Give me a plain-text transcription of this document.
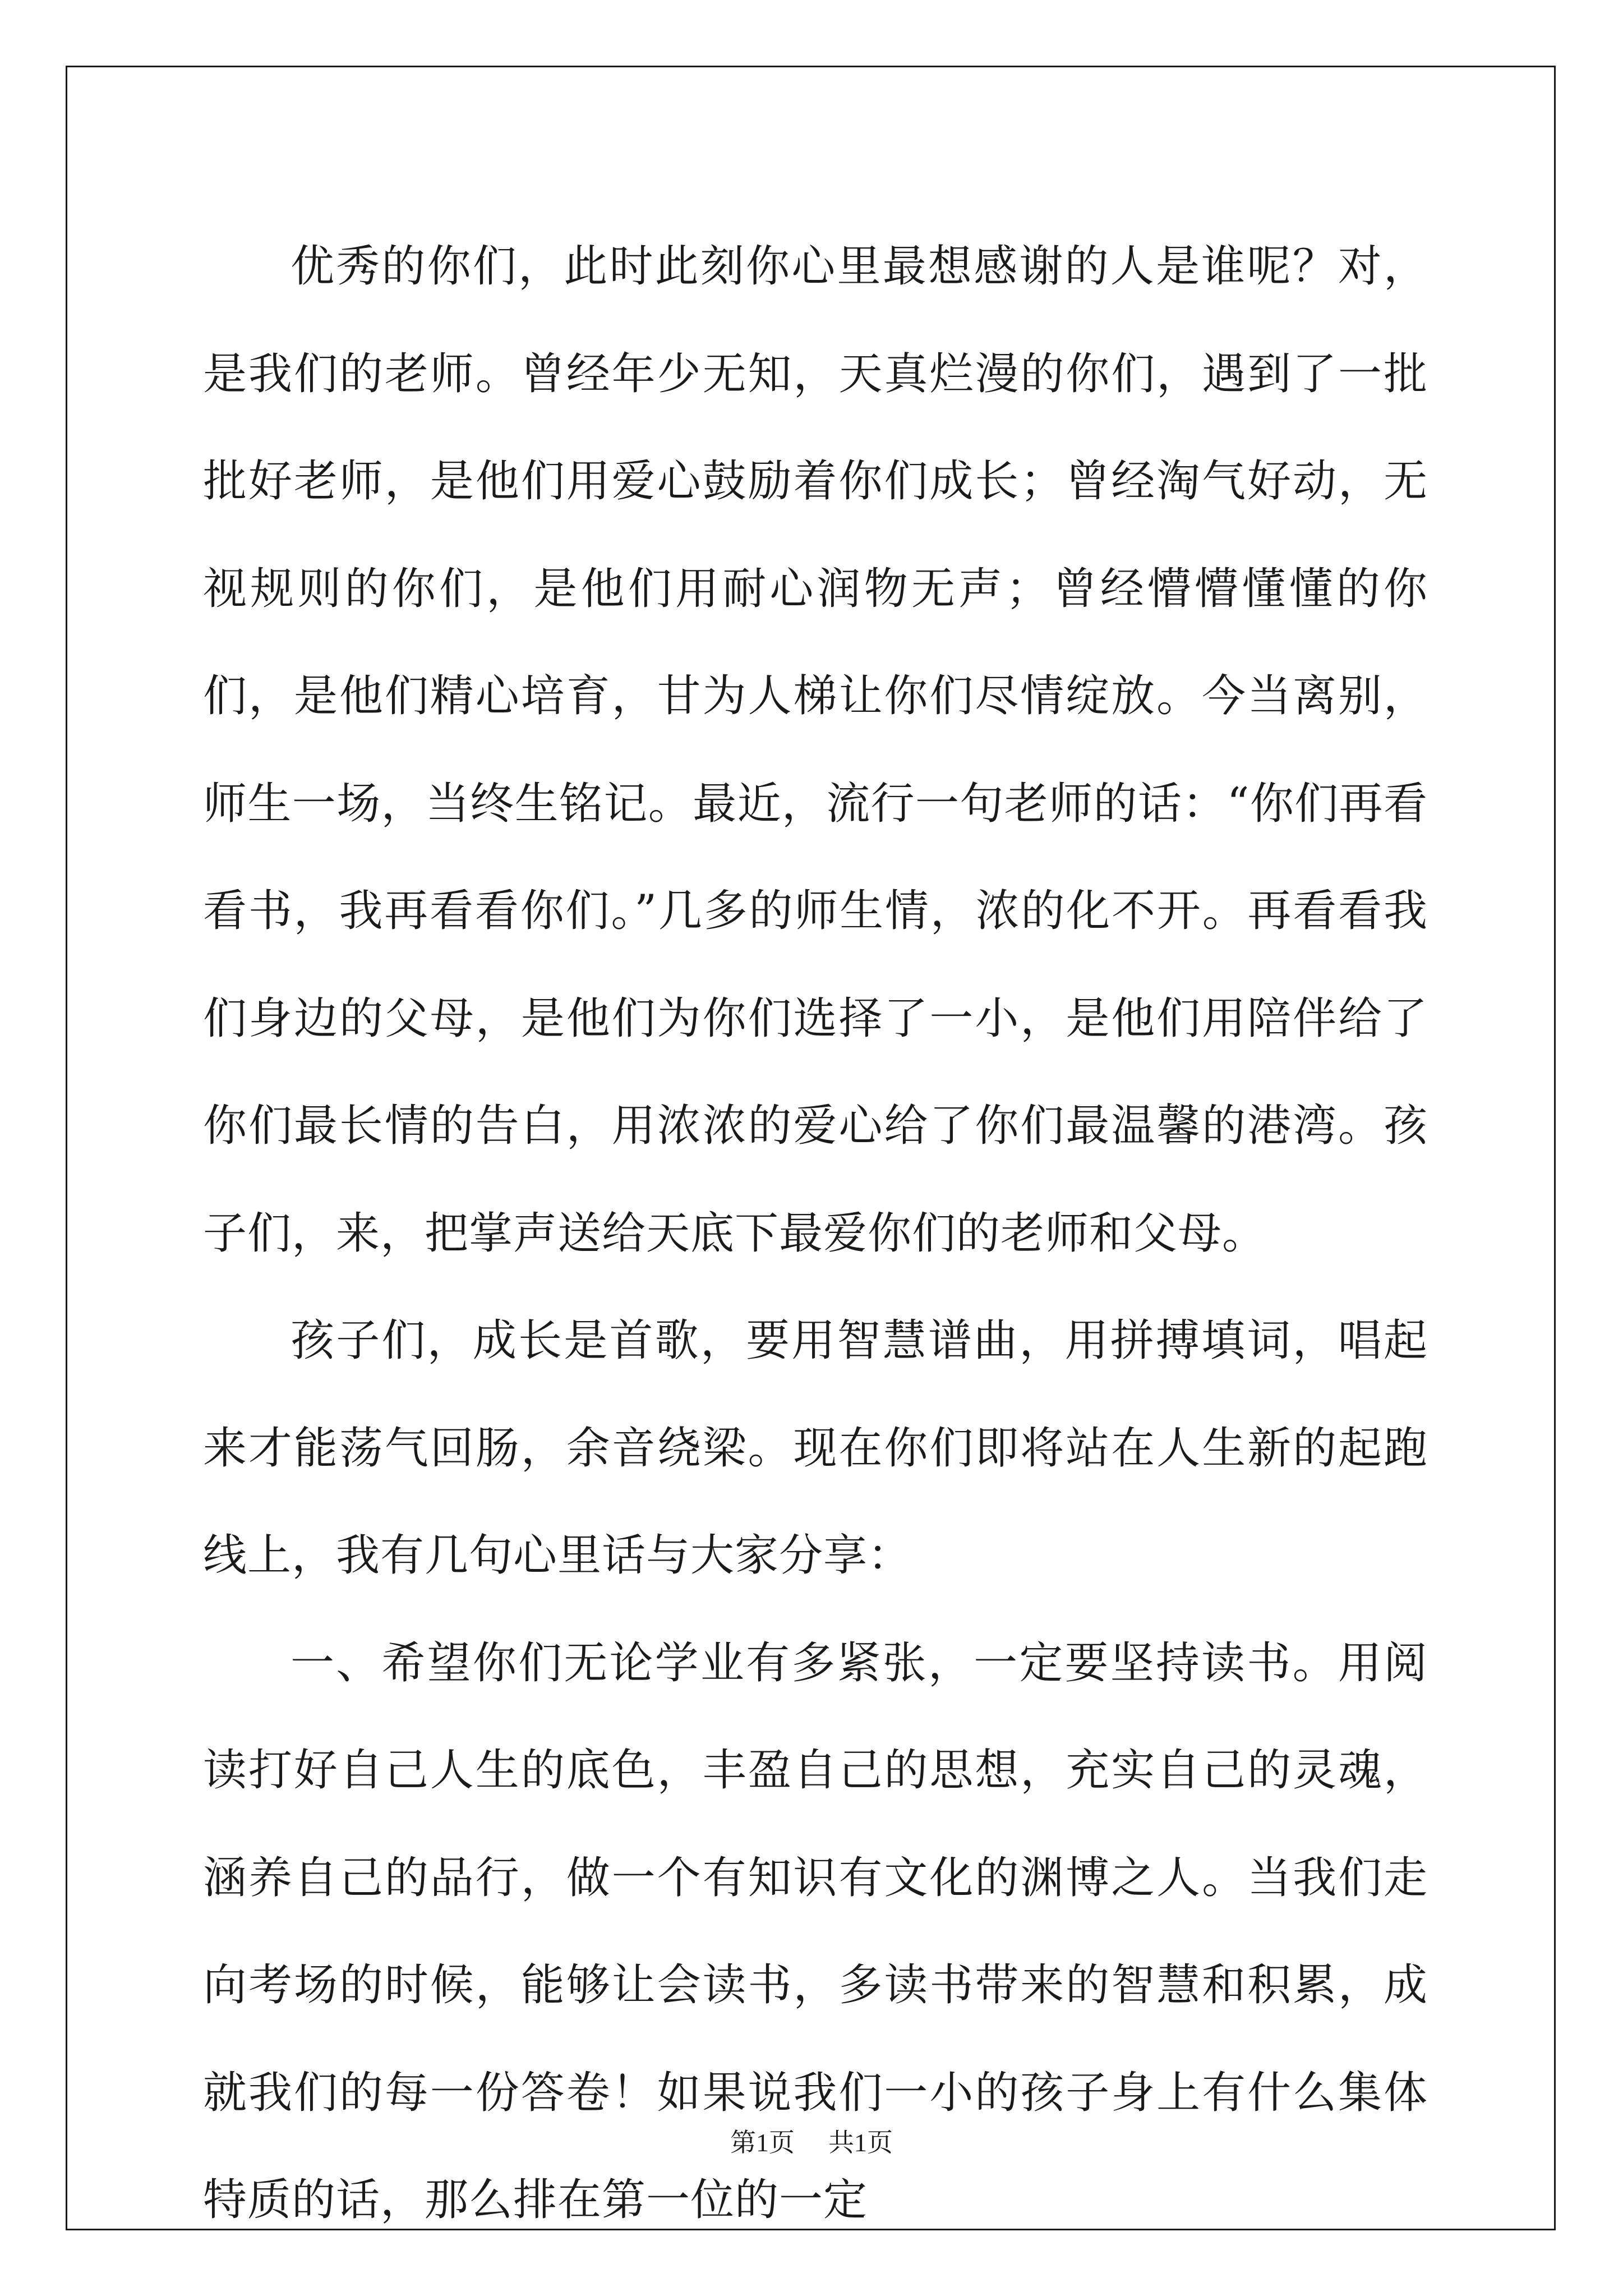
优秀的你们，此时此刻你心里最想感谢的人是谁呢？对，是我们的老师。曾经年少无知，天真烂漫的你们，遇到了一批批好老师，是他们用爱心鼓励着你们成长；曾经淘气好动，无视规则的你们，是他们用耐心润物无声；曾经懵懵懂懂的你们，是他们精心培育，甘为人梯让你们尽情绽放。今当离别，师生一场，当终生铭记。最近，流行一句老师的话：“你们再看看书，我再看看你们。”几多的师生情，浓的化不开。再看看我们身边的父母，是他们为你们选择了一小，是他们用陪伴给了你们最长情的告白，用浓浓的爱心给了你们最温馨的港湾。孩子们，来，把掌声送给天底下最爱你们的老师和父母。

孩子们，成长是首歌，要用智慧谱曲，用拼搏填词，唱起来才能荡气回肠，余音绕梁。现在你们即将站在人生新的起跑线上，我有几句心里话与大家分享：

一、希望你们无论学业有多紧张，一定要坚持读书。用阅读打好自己人生的底色，丰盈自己的思想，充实自己的灵魂，涵养自己的品行，做一个有知识有文化的渊博之人。当我们走向考场的时候，能够让会读书，多读书带来的智慧和积累，成就我们的每一份答卷！如果说我们一小的孩子身上有什么集体特质的话，那么排在第一位的一定

第1页 共1页
